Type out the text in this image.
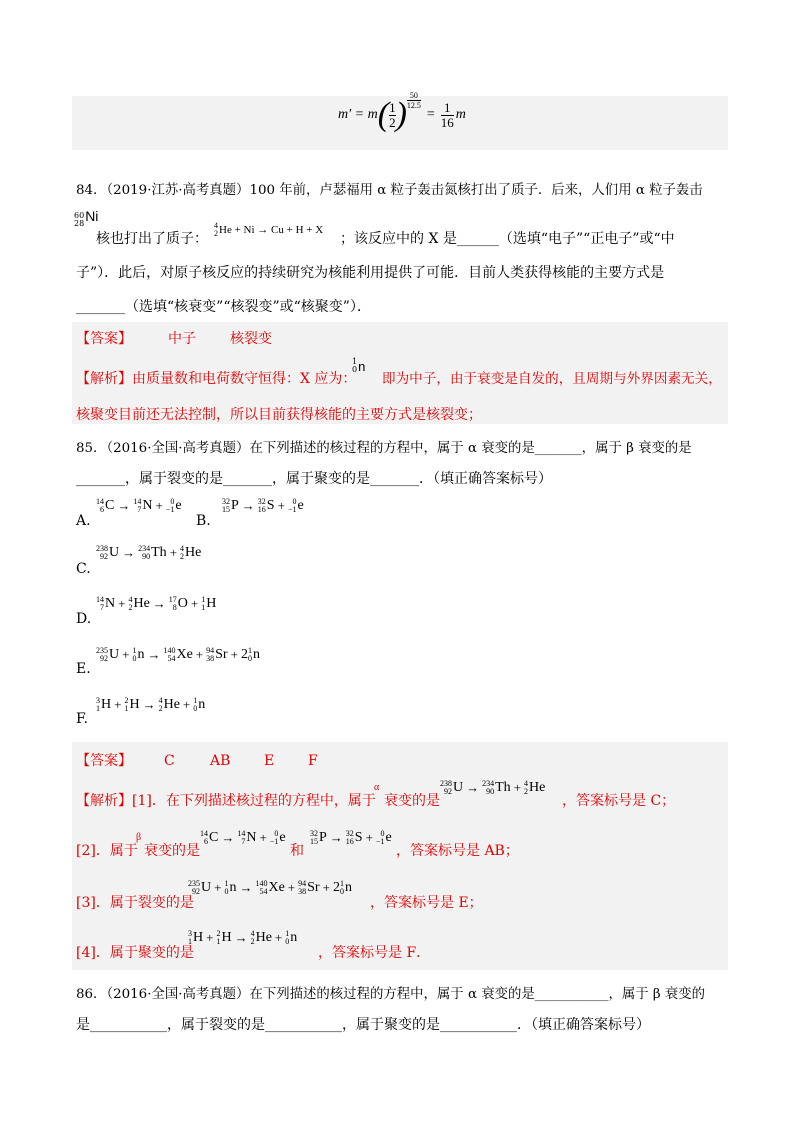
m′ = m ( $\frac{1}{2}$ ) $\frac{50}{12.5}$
= $\frac{1}{16}$ m
84．（2019·江苏·高考真题）100 年前，卢瑟福用 α 粒子轰击氮核打出了质子．后来，人们用 α 粒子轰击
60
28 Ni
核也打出了质子：
4
2 He + Ni → Cu + H + X
；该反应中的 X 是______（选填“电子”“正电子”或“中
子”）．此后，对原子核反应的持续研究为核能利用提供了可能．目前人类获得核能的主要方式是
_______（选填“核衰变”“核裂变”或“核聚变”）．
【答案】	中子 核裂变
【解析】 由质量数和电荷数守恒得：X 应为：
1
0 n
即为中子，由于衰变是自发的，且周期与外界因素无关，
核聚变目前还无法控制，所以目前获得核能的主要方式是核裂变；
85．（2016·全国·高考真题）在下列描述的核过程的方程中，属于 α 衰变的是_______，属于 β 衰变的是
_______，属于裂变的是_______，属于聚变的是_______．（填正确答案标号）
A.
14
6 C → 14
7 N + 0
−1 e
B.
32
15 P → 32
16 S + 0
−1 e
C.
238
92 U → 234
90 Th + 4
2 He
D.
14
7 N + 4
2 He → 17
8 O + 1
1 H
E.
235
92 U + 1
0 n → 140
54 Xe + 94
38 Sr + 2 1
0 n
F.
3
1 H + 2
1 H → 4
2 He + 1
0 n
【答案】 C	AB E F
【解析】 [1]．在下列描述核过程的方程中，属于
α
衰变的是
238
92 U → 234
90 Th + 4
2 He
，答案标号是 C；
[2]．属于
β
衰变的是
14
6 C → 14
7 N + 0
−1 e
和
32
15 P → 32
16 S + 0
−1 e
，答案标号是 AB；
[3]．属于裂变的是
235
92 U + 1
0 n → 140
54 Xe + 94
38 Sr + 2 1
0 n
，答案标号是 E；
[4]．属于聚变的是
3
1 H + 2
1 H → 4
2 He + 1
0 n
，答案标号是 F．
86．（2016·全国·高考真题）在下列描述的核过程的方程中，属于 α 衰变的是___________，属于 β 衰变的
是___________，属于裂变的是___________，属于聚变的是___________．（填正确答案标号）
